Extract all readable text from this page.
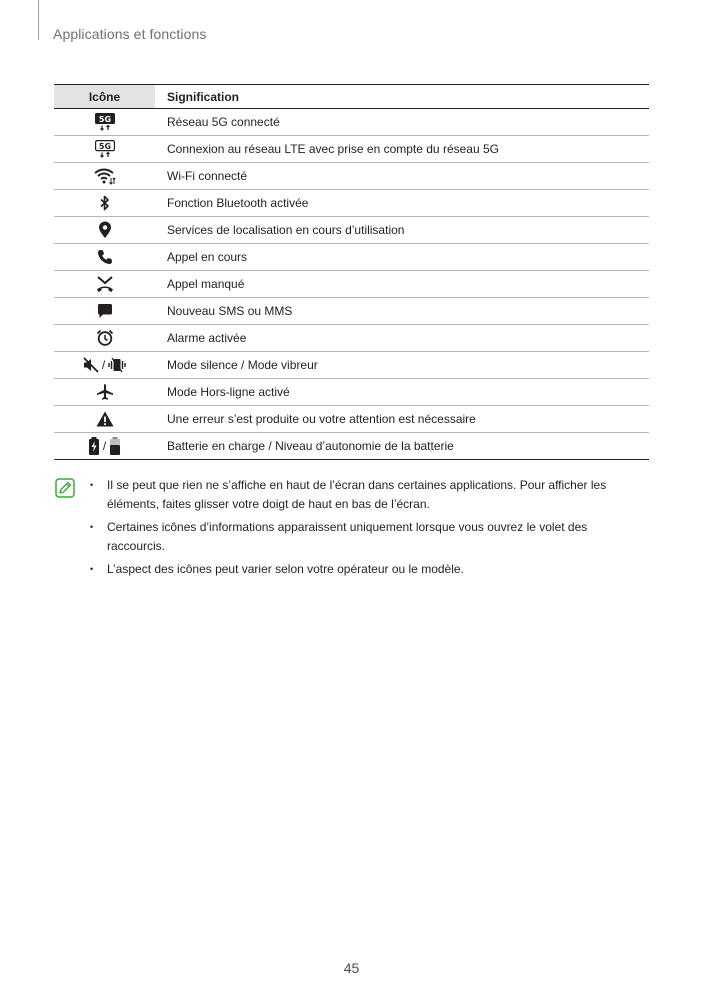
Applications et fonctions
Icône	Signification

5G	Réseau 5G connecté

5G	Connexion au réseau LTE avec prise en compte du réseau 5G
	Wi-Fi connecté
	Fonction Bluetooth activée
	Services de localisation en cours d’utilisation
	Appel en cours
	Appel manqué
	Nouveau SMS ou MMS
	Alarme activée
/	Mode silence / Mode vibreur
	Mode Hors-ligne activé
	Une erreur s’est produite ou votre attention est nécessaire
/	Batterie en charge / Niveau d’autonomie de la batterie
• Il se peut que rien ne s’affiche en haut de l’écran dans certaines applications. Pour afficher les éléments, faites glisser votre doigt de haut en bas de l’écran.
• Certaines icônes d’informations apparaissent uniquement lorsque vous ouvrez le volet des raccourcis.
• L’aspect des icônes peut varier selon votre opérateur ou le modèle.
45
